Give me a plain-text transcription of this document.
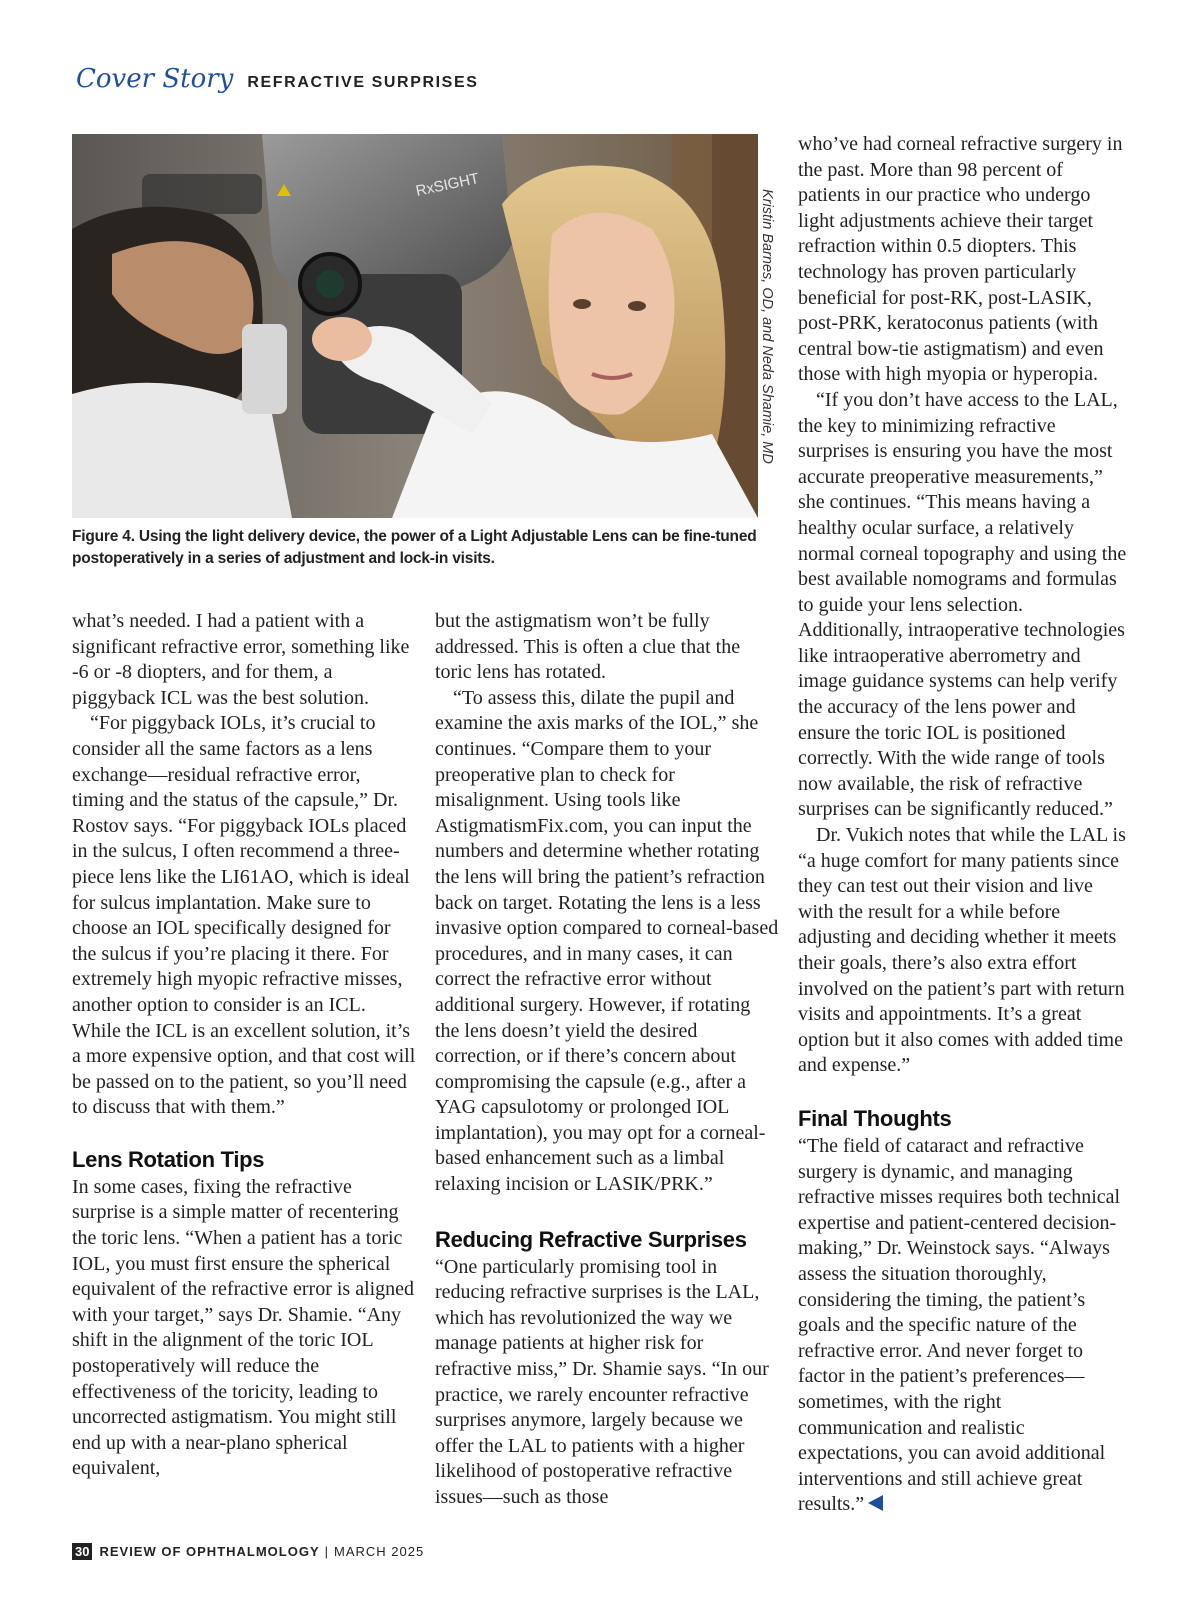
Cover Story REFRACTIVE SURPRISES
RxSIGHT
Kristin Barnes, OD, and Neda Shamie, MD
Figure 4. Using the light delivery device, the power of a Light Adjustable Lens can be fine-tuned postoperatively in a series of adjustment and lock-in visits.

what’s needed. I had a patient with a significant refractive error, something like -6 or -8 diopters, and for them, a piggyback ICL was the best solution.

“For piggyback IOLs, it’s crucial to consider all the same factors as a lens exchange—residual refractive error, timing and the status of the capsule,” Dr. Rostov says. “For piggyback IOLs placed in the sulcus, I often recommend a three-piece lens like the LI61AO, which is ideal for sulcus implantation. Make sure to choose an IOL specifically designed for the sulcus if you’re placing it there. For extremely high myopic refractive misses, another option to consider is an ICL. While the ICL is an excellent solution, it’s a more expensive option, and that cost will be passed on to the patient, so you’ll need to discuss that with them.”

Lens Rotation Tips

In some cases, fixing the refractive surprise is a simple matter of recentering the toric lens. “When a patient has a toric IOL, you must first ensure the spherical equivalent of the refractive error is aligned with your target,” says Dr. Shamie. “Any shift in the alignment of the toric IOL postoperatively will reduce the effectiveness of the toricity, leading to uncorrected astigmatism. You might still end up with a near-plano spherical equivalent,

but the astigmatism won’t be fully addressed. This is often a clue that the toric lens has rotated.

“To assess this, dilate the pupil and examine the axis marks of the IOL,” she continues. “Compare them to your preoperative plan to check for misalignment. Using tools like AstigmatismFix.com, you can input the numbers and determine whether rotating the lens will bring the patient’s refraction back on target. Rotating the lens is a less invasive option compared to corneal-based procedures, and in many cases, it can correct the refractive error without additional surgery. However, if rotating the lens doesn’t yield the desired correction, or if there’s concern about compromising the capsule (e.g., after a YAG capsulotomy or prolonged IOL implantation), you may opt for a corneal-based enhancement such as a limbal relaxing incision or LASIK/PRK.”

Reducing Refractive Surprises

“One particularly promising tool in reducing refractive surprises is the LAL, which has revolutionized the way we manage patients at higher risk for refractive miss,” Dr. Shamie says. “In our practice, we rarely encounter refractive surprises anymore, largely because we offer the LAL to patients with a higher likelihood of postoperative refractive issues—such as those

who’ve had corneal refractive surgery in the past. More than 98 percent of patients in our practice who undergo light adjustments achieve their target refraction within 0.5 diopters. This technology has proven particularly beneficial for post-RK, post-LASIK, post-PRK, keratoconus patients (with central bow-tie astigmatism) and even those with high myopia or hyperopia.

“If you don’t have access to the LAL, the key to minimizing refractive surprises is ensuring you have the most accurate preoperative measurements,” she continues. “This means having a healthy ocular surface, a relatively normal corneal topography and using the best available nomograms and formulas to guide your lens selection. Additionally, intraoperative technologies like intraoperative aberrometry and image guidance systems can help verify the accuracy of the lens power and ensure the toric IOL is positioned correctly. With the wide range of tools now available, the risk of refractive surprises can be significantly reduced.”

Dr. Vukich notes that while the LAL is “a huge comfort for many patients since they can test out their vision and live with the result for a while before adjusting and deciding whether it meets their goals, there’s also extra effort involved on the patient’s part with return visits and appointments. It’s a great option but it also comes with added time and expense.”

Final Thoughts

“The field of cataract and refractive surgery is dynamic, and managing refractive misses requires both technical expertise and patient-centered decision-making,” Dr. Weinstock says. “Always assess the situation thoroughly, considering the timing, the patient’s goals and the specific nature of the refractive error. And never forget to factor in the patient’s preferences—sometimes, with the right communication and realistic expectations, you can avoid additional interventions and still achieve great results.”

30 REVIEW OF OPHTHALMOLOGY | MARCH 2025
